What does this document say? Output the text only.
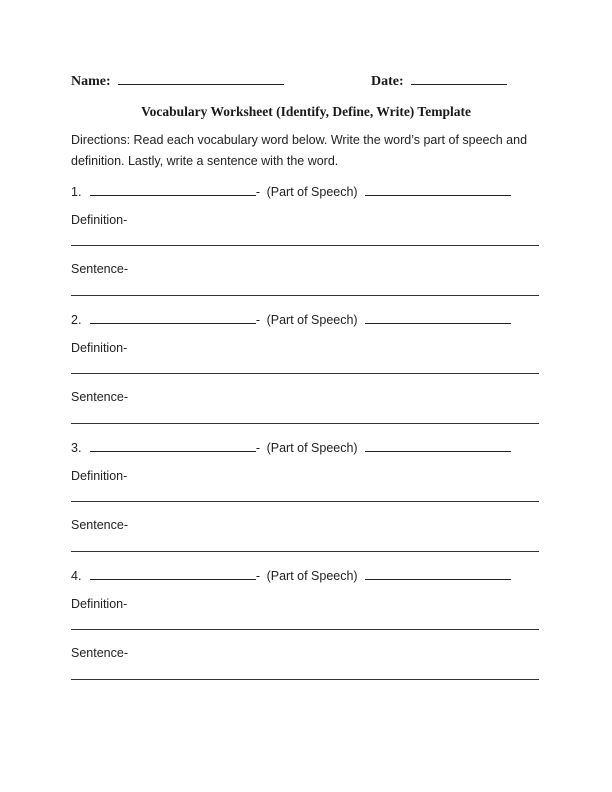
Name:	Date:
Vocabulary Worksheet (Identify, Define, Write) Template
Directions: Read each vocabulary word below. Write the word’s part of speech and definition. Lastly, write a sentence with the word.
1.	- (Part of Speech)
Definition-
Sentence-
2.	- (Part of Speech)
Definition-
Sentence-
3.	- (Part of Speech)
Definition-
Sentence-
4.	- (Part of Speech)
Definition-
Sentence-
